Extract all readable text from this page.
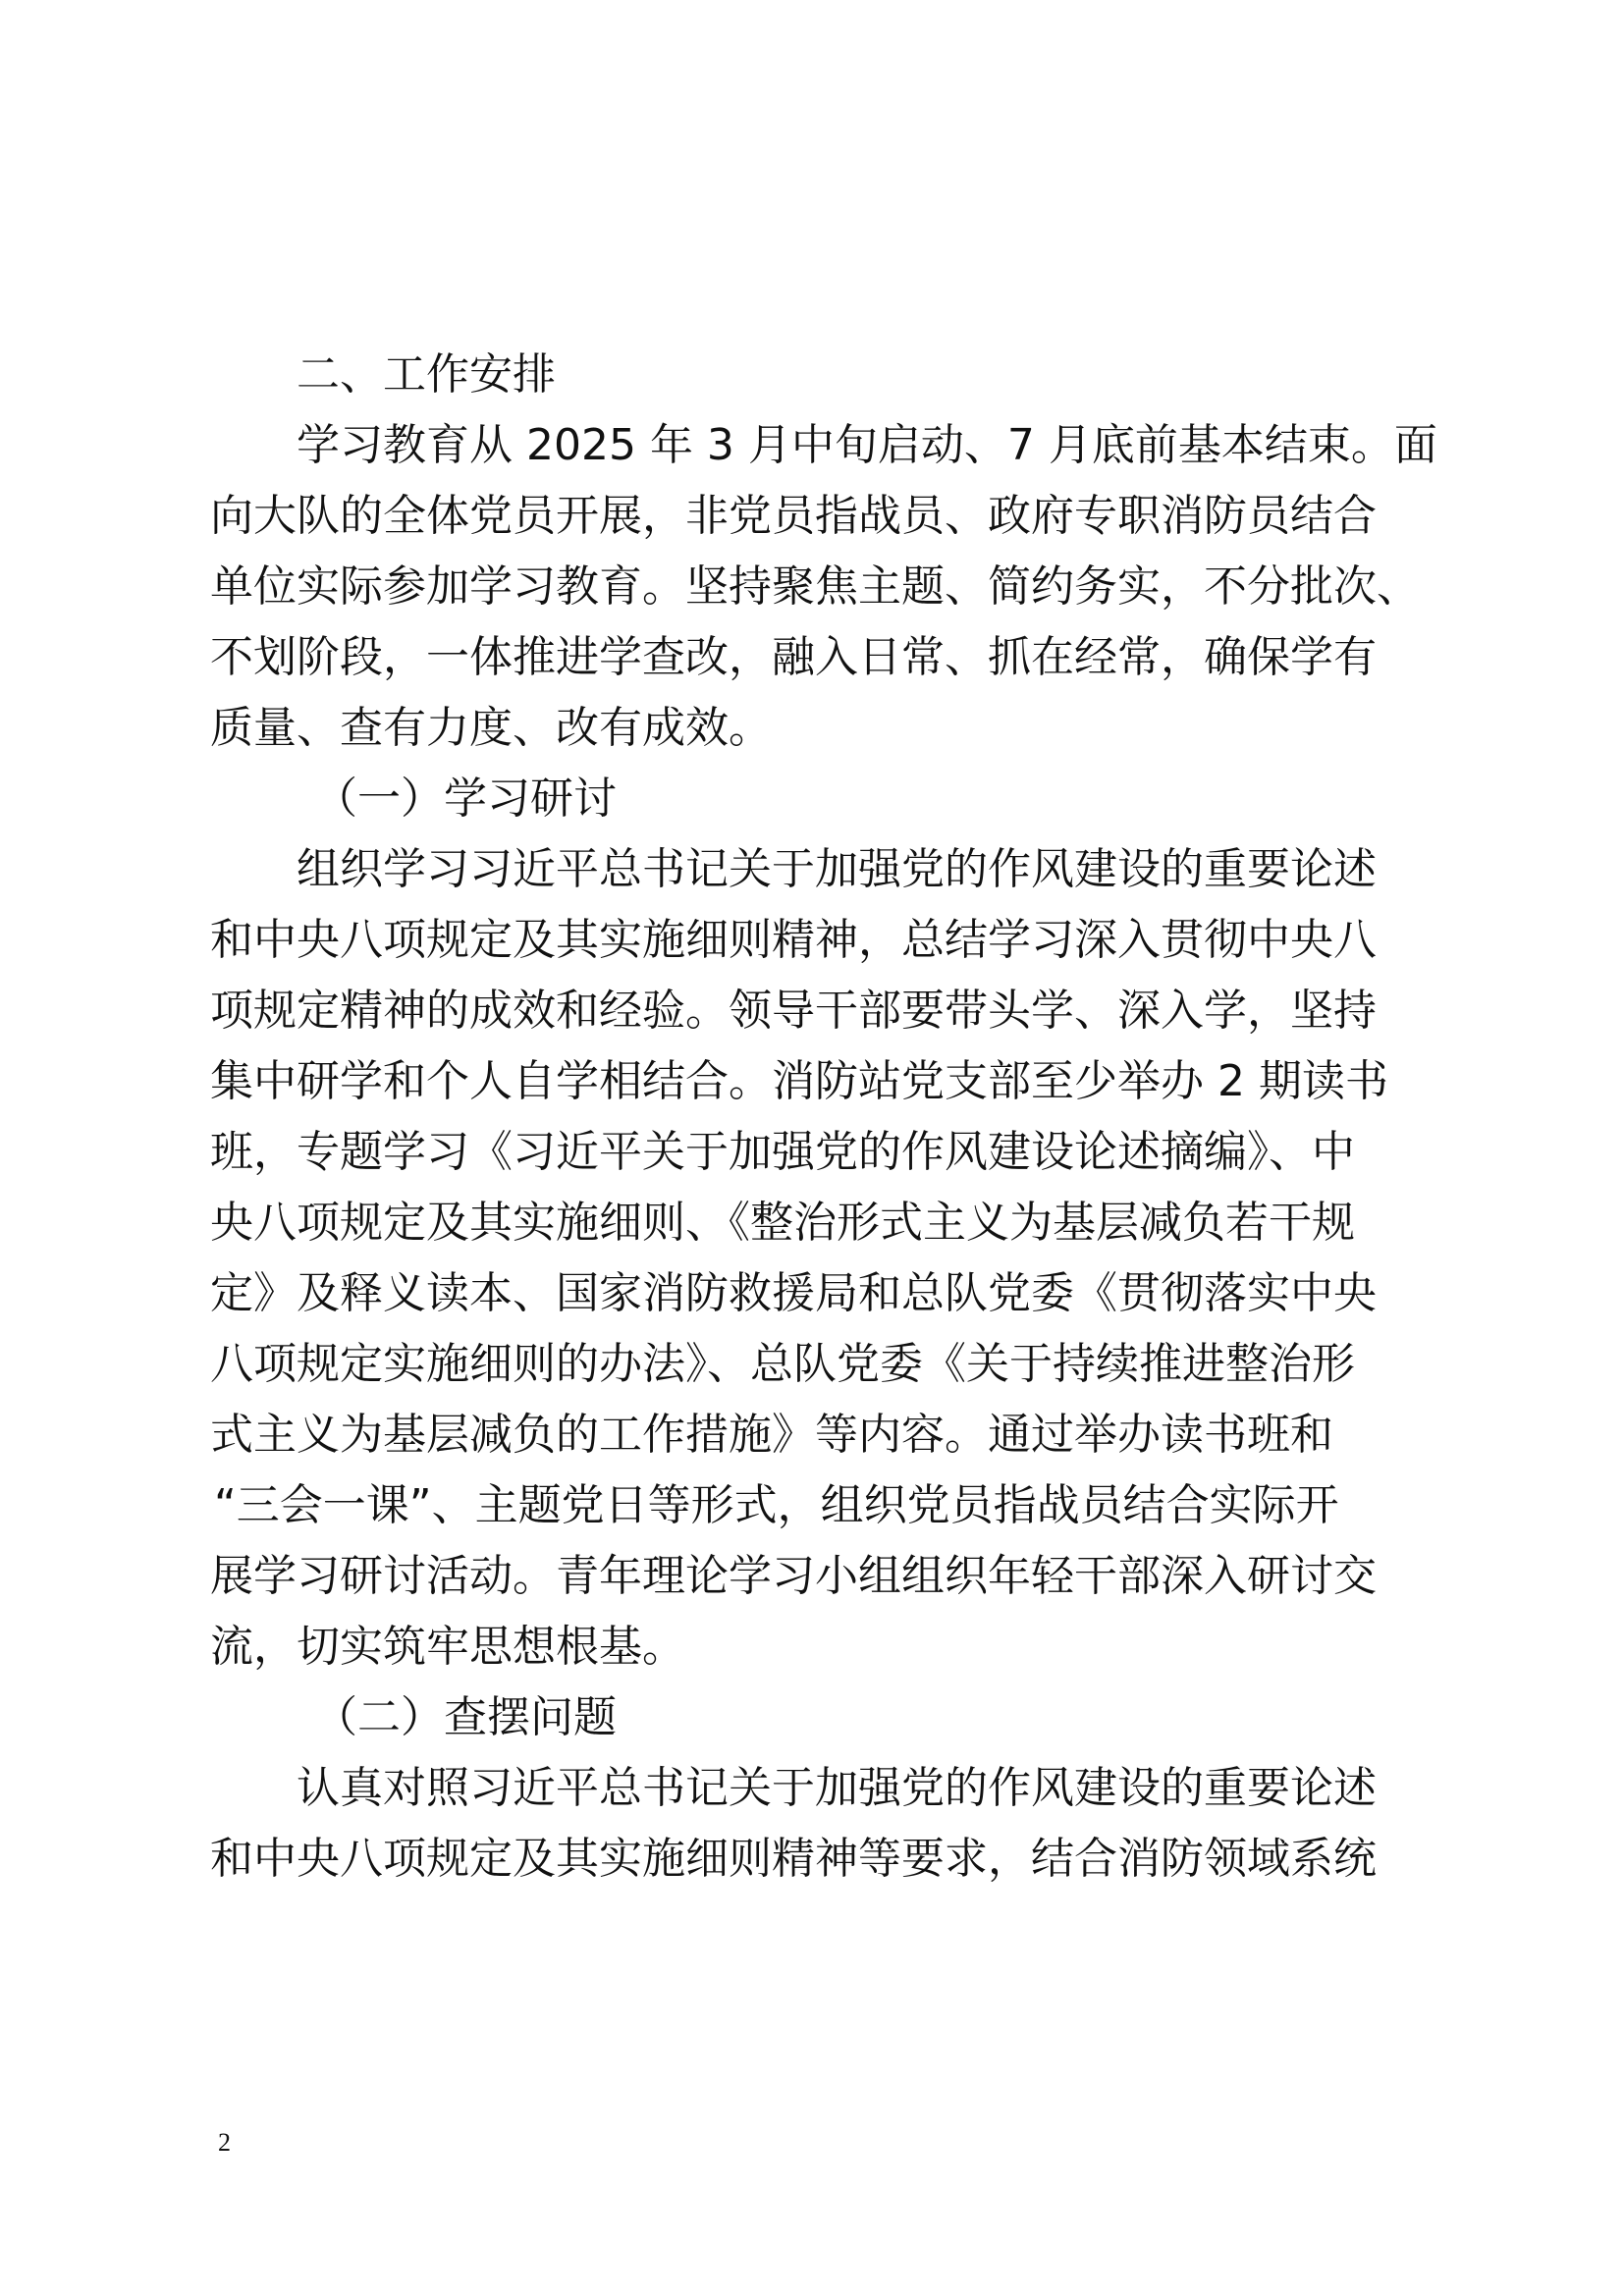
二、工作安排
学习教育从 2025 年 3 月中旬启动、7 月底前基本结束。面
向大队的全体党员开展，非党员指战员、政府专职消防员结合
单位实际参加学习教育。坚持聚焦主题、简约务实，不分批次、
不划阶段，一体推进学查改，融入日常、抓在经常，确保学有
质量、查有力度、改有成效。
（一）学习研讨
组织学习习近平总书记关于加强党的作风建设的重要论述
和中央八项规定及其实施细则精神，总结学习深入贯彻中央八
项规定精神的成效和经验。领导干部要带头学、深入学，坚持
集中研学和个人自学相结合。消防站党支部至少举办 2 期读书
班，专题学习《习近平关于加强党的作风建设论述摘编》、中
央八项规定及其实施细则、《整治形式主义为基层减负若干规
定》及释义读本、国家消防救援局和总队党委《贯彻落实中央
八项规定实施细则的办法》、总队党委《关于持续推进整治形
式主义为基层减负的工作措施》等内容。通过举办读书班和
“三会一课”、主题党日等形式，组织党员指战员结合实际开
展学习研讨活动。青年理论学习小组组织年轻干部深入研讨交
流，切实筑牢思想根基。
（二）查摆问题
认真对照习近平总书记关于加强党的作风建设的重要论述
和中央八项规定及其实施细则精神等要求，结合消防领域系统
2
